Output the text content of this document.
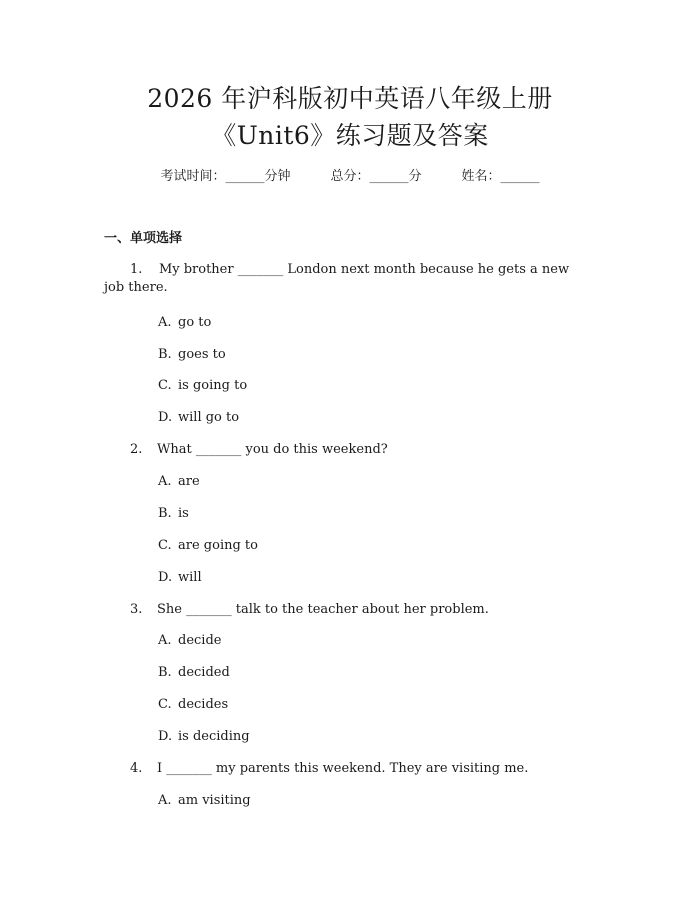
2026 年沪科版初中英语八年级上册
《Unit6》练习题及答案
考试时间：______分钟	总分：______分	姓名：______
一、单项选择
1. My brother _______ London next month because he gets a new job there.
A. go to
B. goes to
C. is going to
D. will go to
2. What _______ you do this weekend?
A. are
B. is
C. are going to
D. will
3. She _______ talk to the teacher about her problem.
A. decide
B. decided
C. decides
D. is deciding
4. I _______ my parents this weekend. They are visiting me.
A. am visiting
